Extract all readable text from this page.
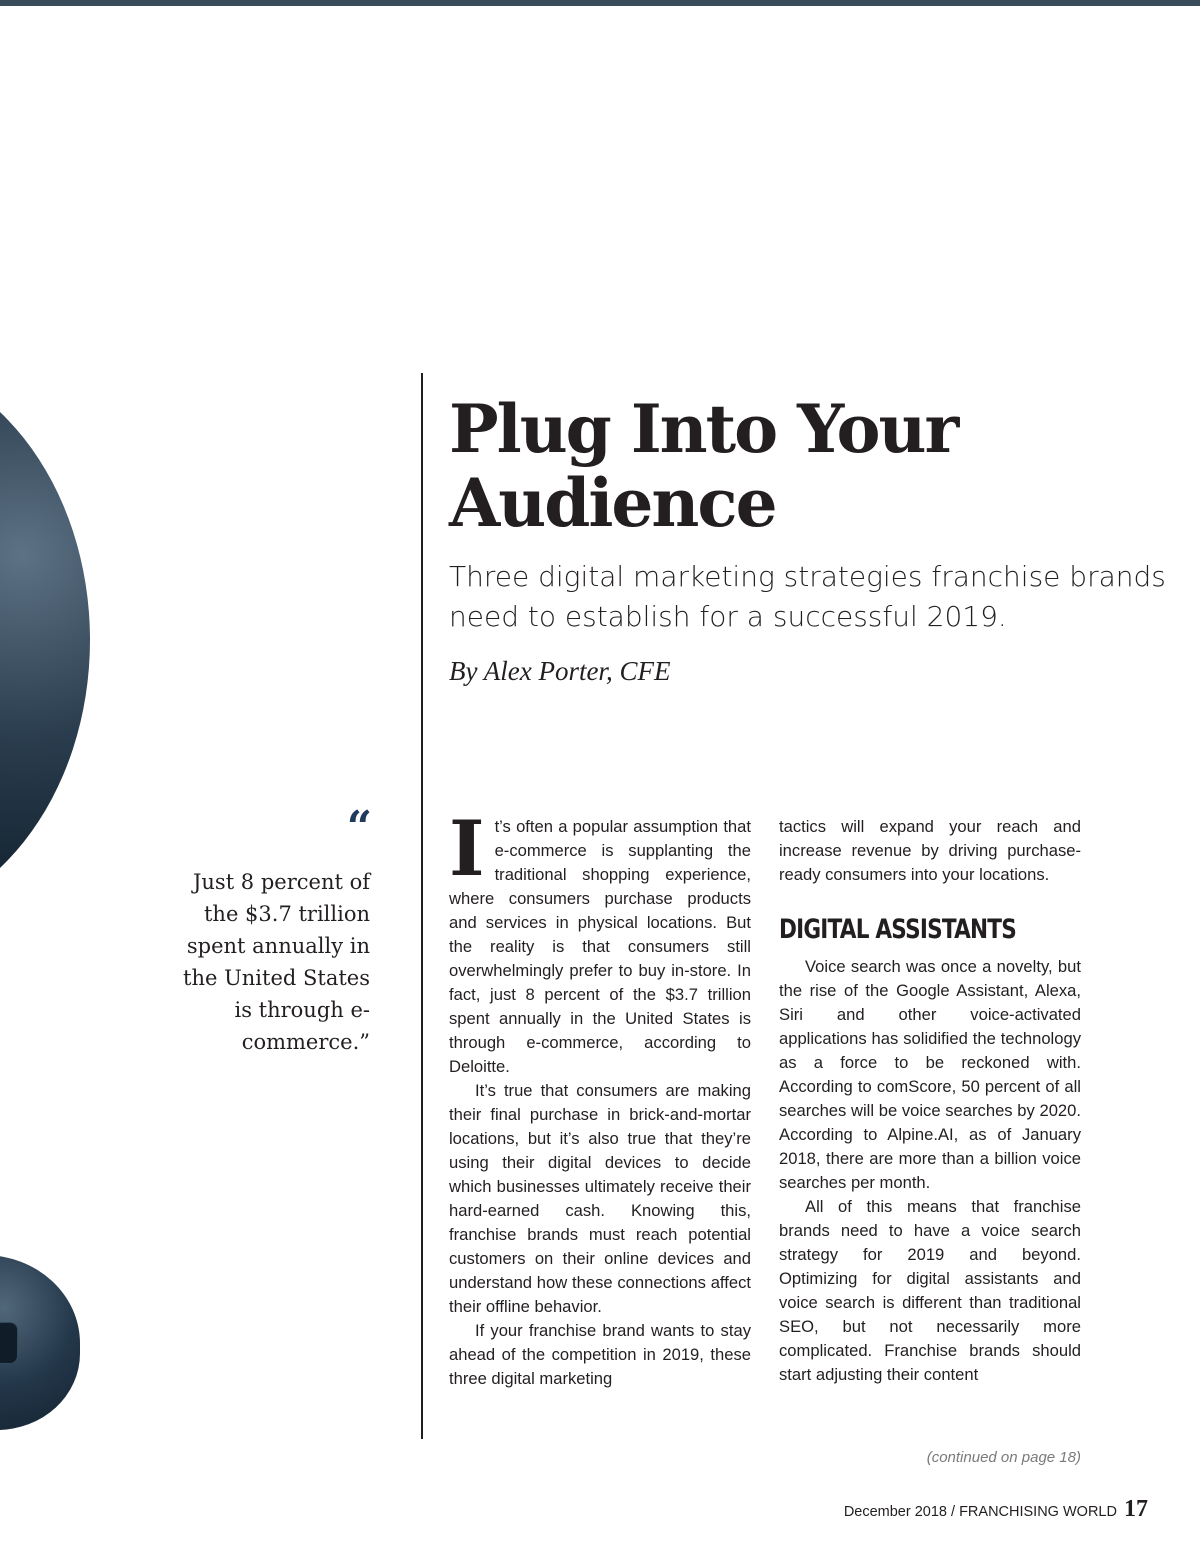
Plug Into Your Audience

Three digital marketing strategies franchise brands need to establish for a successful 2019.

By Alex Porter, CFE

“

Just 8 percent of the $3.7 trillion spent annually in the United States is through e-commerce.”

It’s often a popular assumption that e-commerce is supplanting the traditional shopping experience, where consumers purchase products and services in physical locations. But the reality is that consumers still overwhelmingly prefer to buy in-store. In fact, just 8 percent of the $3.7 trillion spent annually in the United States is through e-commerce, according to Deloitte.

It’s true that consumers are making their final purchase in brick-and-mortar locations, but it’s also true that they’re using their digital devices to decide which businesses ultimately receive their hard-earned cash. Knowing this, franchise brands must reach potential customers on their online devices and understand how these connections affect their offline behavior.

If your franchise brand wants to stay ahead of the competition in 2019, these three digital marketing

tactics will expand your reach and increase revenue by driving purchase-ready consumers into your locations.

DIGITAL ASSISTANTS

Voice search was once a novelty, but the rise of the Google Assistant, Alexa, Siri and other voice-activated applications has solidified the technology as a force to be reckoned with. According to comScore, 50 percent of all searches will be voice searches by 2020. According to Alpine.AI, as of January 2018, there are more than a billion voice searches per month.

All of this means that franchise brands need to have a voice search strategy for 2019 and beyond. Optimizing for digital assistants and voice search is different than traditional SEO, but not necessarily more complicated. Franchise brands should start adjusting their content

(continued on page 18)
December 2018 / FRANCHISING WORLD 17
